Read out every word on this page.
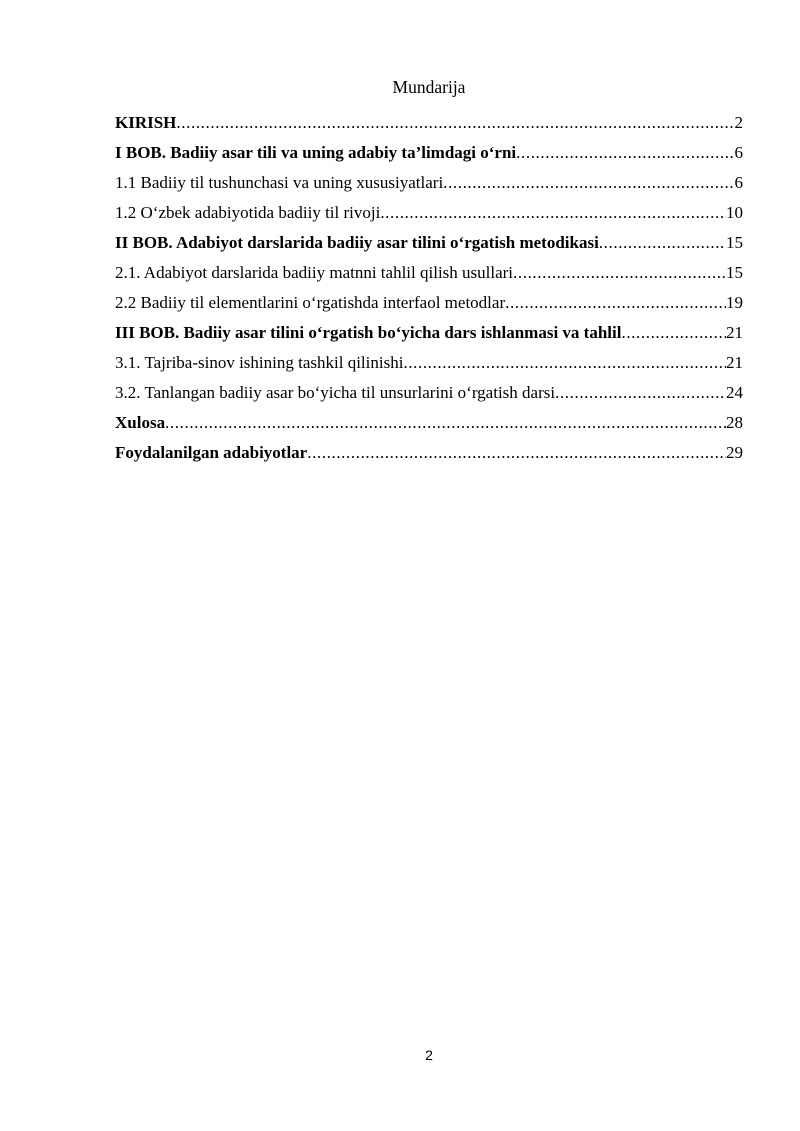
Mundarija
KIRISH .....	2
I BOB. Badiiy asar tili va uning adabiy ta’limdagi o‘rni .....	6
1.1 Badiiy til tushunchasi va uning xususiyatlari .....	6
1.2 O‘zbek adabiyotida badiiy til rivoji .....	10
II BOB. Adabiyot darslarida badiiy asar tilini o‘rgatish metodikasi .....	15
2.1. Adabiyot darslarida badiiy matnni tahlil qilish usullari .....	15
2.2 Badiiy til elementlarini o‘rgatishda interfaol metodlar .....	19
III BOB. Badiiy asar tilini o‘rgatish bo‘yicha dars ishlanmasi va tahlil .....	21
3.1. Tajriba-sinov ishining tashkil qilinishi .....	21
3.2. Tanlangan badiiy asar bo‘yicha til unsurlarini o‘rgatish darsi .....	24
Xulosa .....	28
Foydalanilgan adabiyotlar .....	29
2
